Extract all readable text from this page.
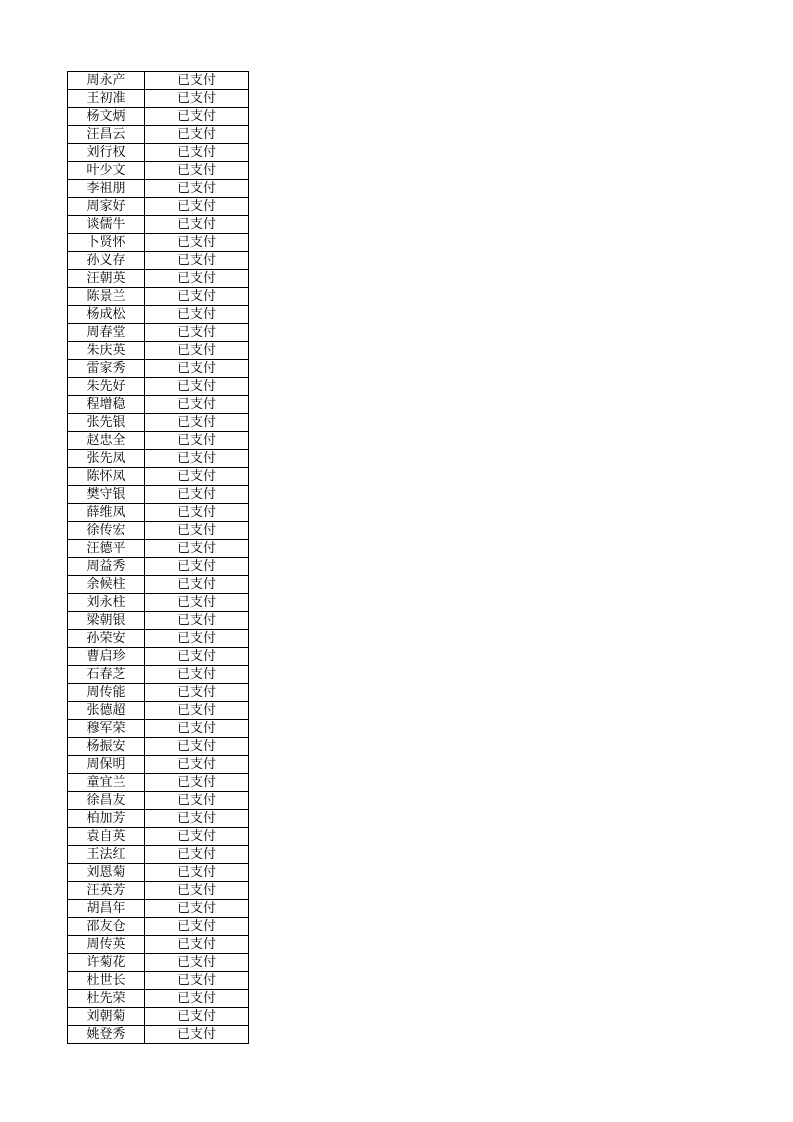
周永产	已支付
王初准	已支付
杨文炳	已支付
汪昌云	已支付
刘行权	已支付
叶少文	已支付
李祖朋	已支付
周家好	已支付
谈儒牛	已支付
卜贤怀	已支付
孙义存	已支付
汪朝英	已支付
陈景兰	已支付
杨成松	已支付
周春堂	已支付
朱庆英	已支付
雷家秀	已支付
朱先好	已支付
程增稳	已支付
张先银	已支付
赵忠全	已支付
张先凤	已支付
陈怀凤	已支付
樊守银	已支付
薛维凤	已支付
徐传宏	已支付
汪德平	已支付
周益秀	已支付
余候柱	已支付
刘永柱	已支付
梁朝银	已支付
孙荣安	已支付
曹启珍	已支付
石春芝	已支付
周传能	已支付
张德超	已支付
穆军荣	已支付
杨振安	已支付
周保明	已支付
童宜兰	已支付
徐昌友	已支付
柏加芳	已支付
袁自英	已支付
王法红	已支付
刘恩菊	已支付
汪英芳	已支付
胡昌年	已支付
邵友仓	已支付
周传英	已支付
许菊花	已支付
杜世长	已支付
杜先荣	已支付
刘朝菊	已支付
姚登秀	已支付
